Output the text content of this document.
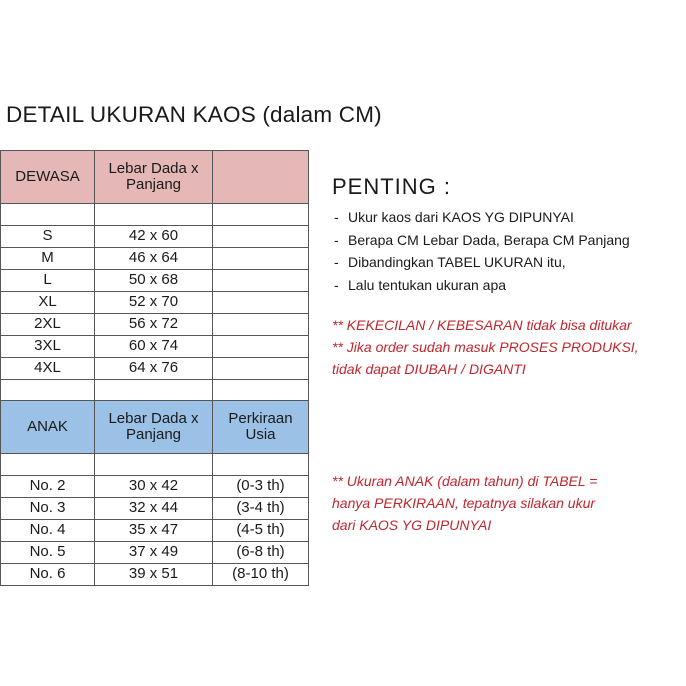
DETAIL UKURAN KAOS (dalam CM)
DEWASA	Lebar Dada x Panjang	

S	42 x 60	
M	46 x 64	
L	50 x 68	
XL	52 x 70	
2XL	56 x 72	
3XL	60 x 74	
4XL	64 x 76	

ANAK	Lebar Dada x Panjang	Perkiraan Usia

No. 2	30 x 42	(0-3 th)
No. 3	32 x 44	(3-4 th)
No. 4	35 x 47	(4-5 th)
No. 5	37 x 49	(6-8 th)
No. 6	39 x 51	(8-10 th)
PENTING :
- Ukur kaos dari KAOS YG DIPUNYAI
- Berapa CM Lebar Dada, Berapa CM Panjang
- Dibandingkan TABEL UKURAN itu,
- Lalu tentukan ukuran apa
** KEKECILAN / KEBESARAN tidak bisa ditukar
** Jika order sudah masuk PROSES PRODUKSI,
tidak dapat DIUBAH / DIGANTI
** Ukuran ANAK (dalam tahun) di TABEL =
hanya PERKIRAAN, tepatnya silakan ukur
dari KAOS YG DIPUNYAI
